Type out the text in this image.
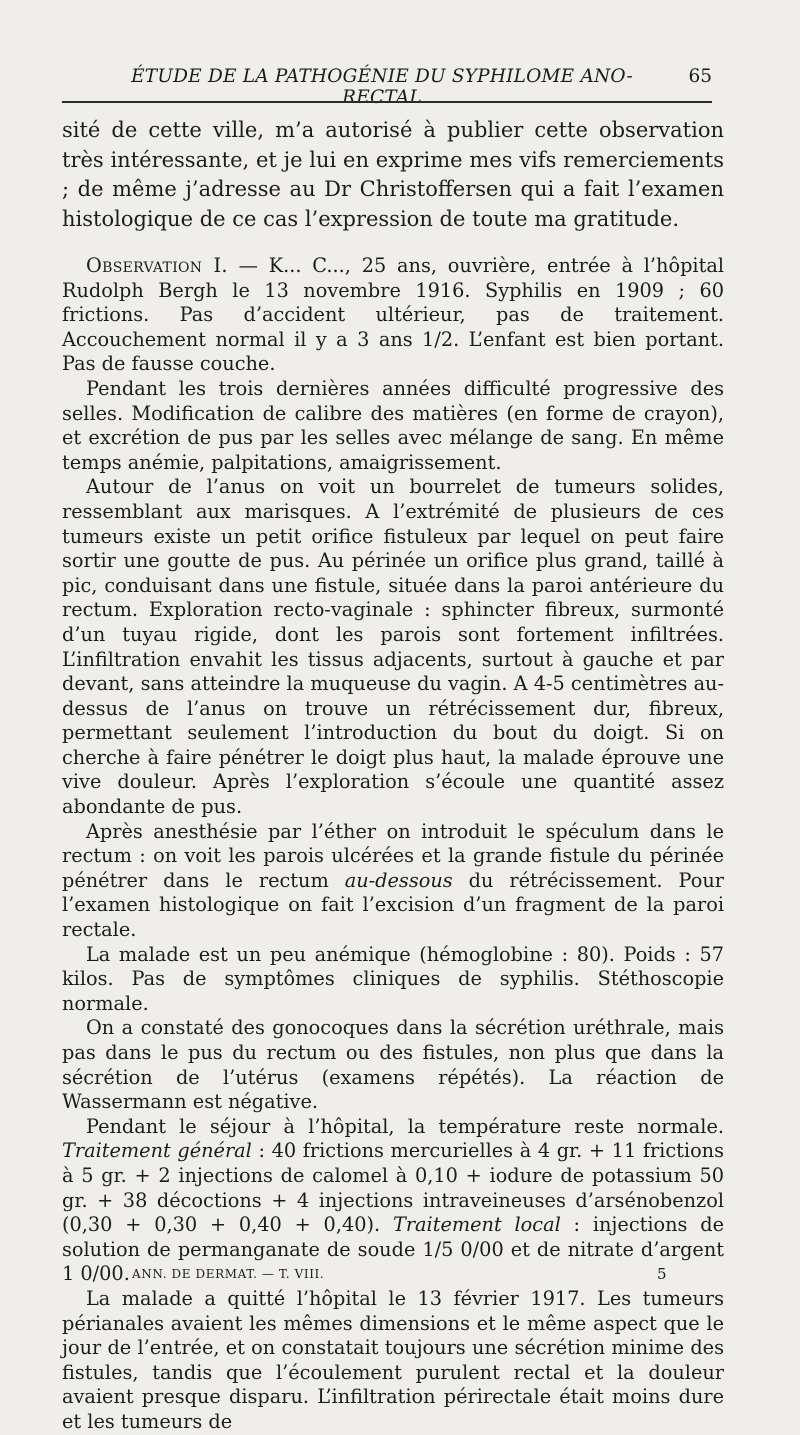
ÉTUDE DE LA PATHOGÉNIE DU SYPHILOME ANO-RECTAL
65

sité de cette ville, m’a autorisé à publier cette observation très intéressante, et je lui en exprime mes vifs remerciements ; de même j’adresse au Dr Christoffersen qui a fait l’examen histologique de ce cas l’expression de toute ma gratitude.

Observation I. — K... C..., 25 ans, ouvrière, entrée à l’hôpital Rudolph Bergh le 13 novembre 1916. Syphilis en 1909 ; 60 frictions. Pas d’accident ultérieur, pas de traitement. Accouchement normal il y a 3 ans 1/2. L’enfant est bien portant. Pas de fausse couche.

Pendant les trois dernières années difficulté progressive des selles. Modification de calibre des matières (en forme de crayon), et excrétion de pus par les selles avec mélange de sang. En même temps anémie, palpitations, amaigrissement.

Autour de l’anus on voit un bourrelet de tumeurs solides, ressemblant aux marisques. A l’extrémité de plusieurs de ces tumeurs existe un petit orifice fistuleux par lequel on peut faire sortir une goutte de pus. Au périnée un orifice plus grand, taillé à pic, conduisant dans une fistule, située dans la paroi antérieure du rectum. Exploration recto-vaginale : sphincter fibreux, surmonté d’un tuyau rigide, dont les parois sont fortement infiltrées. L’infiltration envahit les tissus adjacents, surtout à gauche et par devant, sans atteindre la muqueuse du vagin. A 4-5 centimètres au-dessus de l’anus on trouve un rétrécissement dur, fibreux, permettant seulement l’introduction du bout du doigt. Si on cherche à faire pénétrer le doigt plus haut, la malade éprouve une vive douleur. Après l’exploration s’écoule une quantité assez abondante de pus.

Après anesthésie par l’éther on introduit le spéculum dans le rectum : on voit les parois ulcérées et la grande fistule du périnée pénétrer dans le rectum au-dessous du rétrécissement. Pour l’examen histologique on fait l’excision d’un fragment de la paroi rectale.

La malade est un peu anémique (hémoglobine : 80). Poids : 57 kilos. Pas de symptômes cliniques de syphilis. Stéthoscopie normale.

On a constaté des gonocoques dans la sécrétion uréthrale, mais pas dans le pus du rectum ou des fistules, non plus que dans la sécrétion de l’utérus (examens répétés). La réaction de Wassermann est négative.

Pendant le séjour à l’hôpital, la température reste normale. Traitement général : 40 frictions mercurielles à 4 gr. + 11 frictions à 5 gr. + 2 injections de calomel à 0,10 + iodure de potassium 50 gr. + 38 décoctions + 4 injections intraveineuses d’arsénobenzol (0,30 + 0,30 + 0,40 + 0,40). Traitement local : injections de solution de permanganate de soude 1/5 0/00 et de nitrate d’argent 1 0/00.

La malade a quitté l’hôpital le 13 février 1917. Les tumeurs périanales avaient les mêmes dimensions et le même aspect que le jour de l’entrée, et on constatait toujours une sécrétion minime des fistules, tandis que l’écoulement purulent rectal et la douleur avaient presque disparu. L’infiltration périrectale était moins dure et les tumeurs de

ANN. DE DERMAT. — T. VIII.	5
